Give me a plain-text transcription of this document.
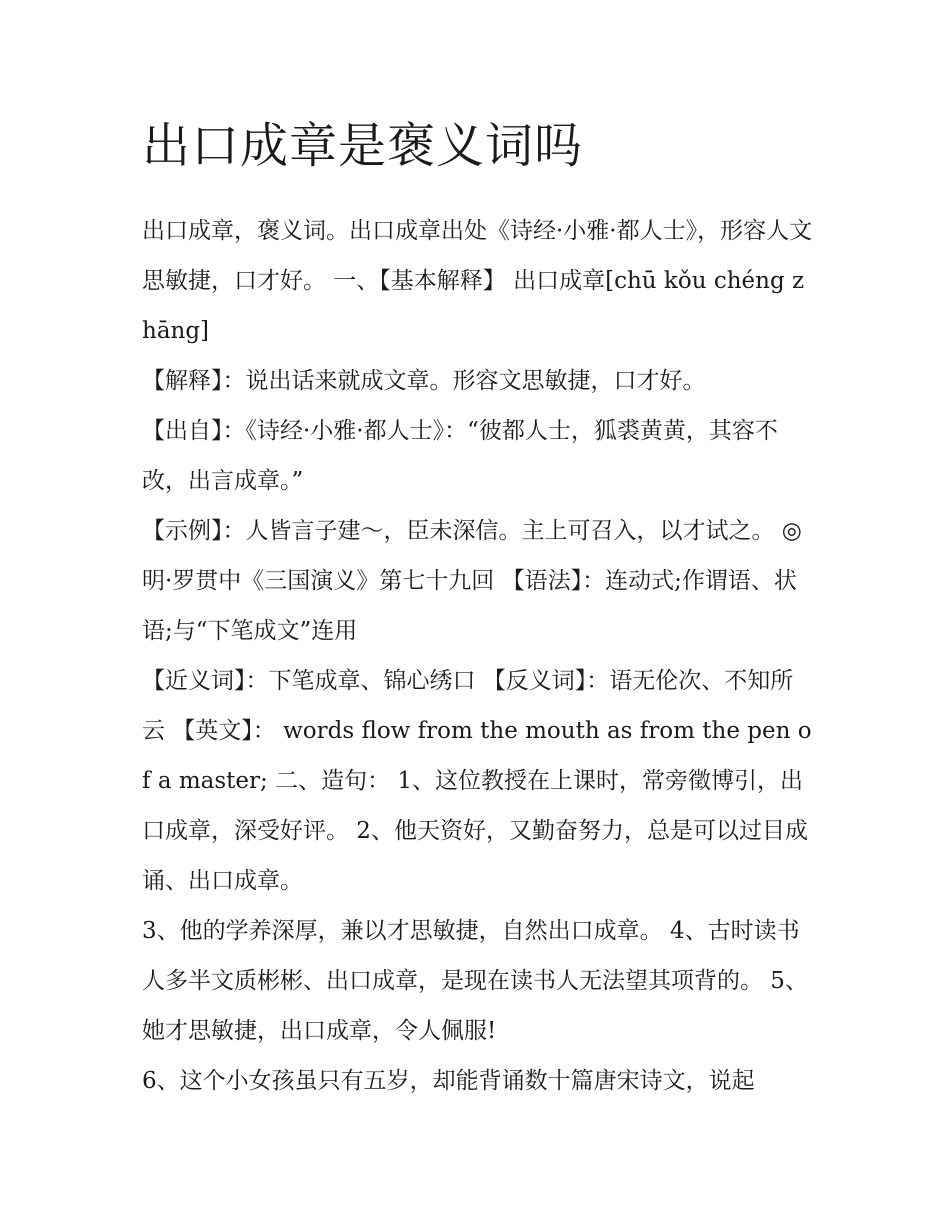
出口成章是褒义词吗

出口成章，褒义词。出口成章出处《诗经·小雅·都人士》，形容人文思敏捷，口才好。 一、【基本解释】 出口成章[chū kǒu chéng zhāng]

【解释】：说出话来就成文章。形容文思敏捷，口才好。

【出自】：《诗经·小雅·都人士》：“彼都人士，狐裘黄黄，其容不改，出言成章。”

【示例】：人皆言子建～，臣未深信。主上可召入，以才试之。 ◎明·罗贯中《三国演义》第七十九回 【语法】：连动式;作谓语、状语;与“下笔成文”连用

【近义词】：下笔成章、锦心绣口 【反义词】：语无伦次、不知所云 【英文】： words flow from the mouth as from the pen of a master; 二、造句： 1、这位教授在上课时，常旁徵博引，出口成章，深受好评。 2、他天资好，又勤奋努力，总是可以过目成诵、出口成章。

3、他的学养深厚，兼以才思敏捷，自然出口成章。 4、古时读书人多半文质彬彬、出口成章，是现在读书人无法望其项背的。 5、她才思敏捷，出口成章，令人佩服!

6、这个小女孩虽只有五岁，却能背诵数十篇唐宋诗文，说起
